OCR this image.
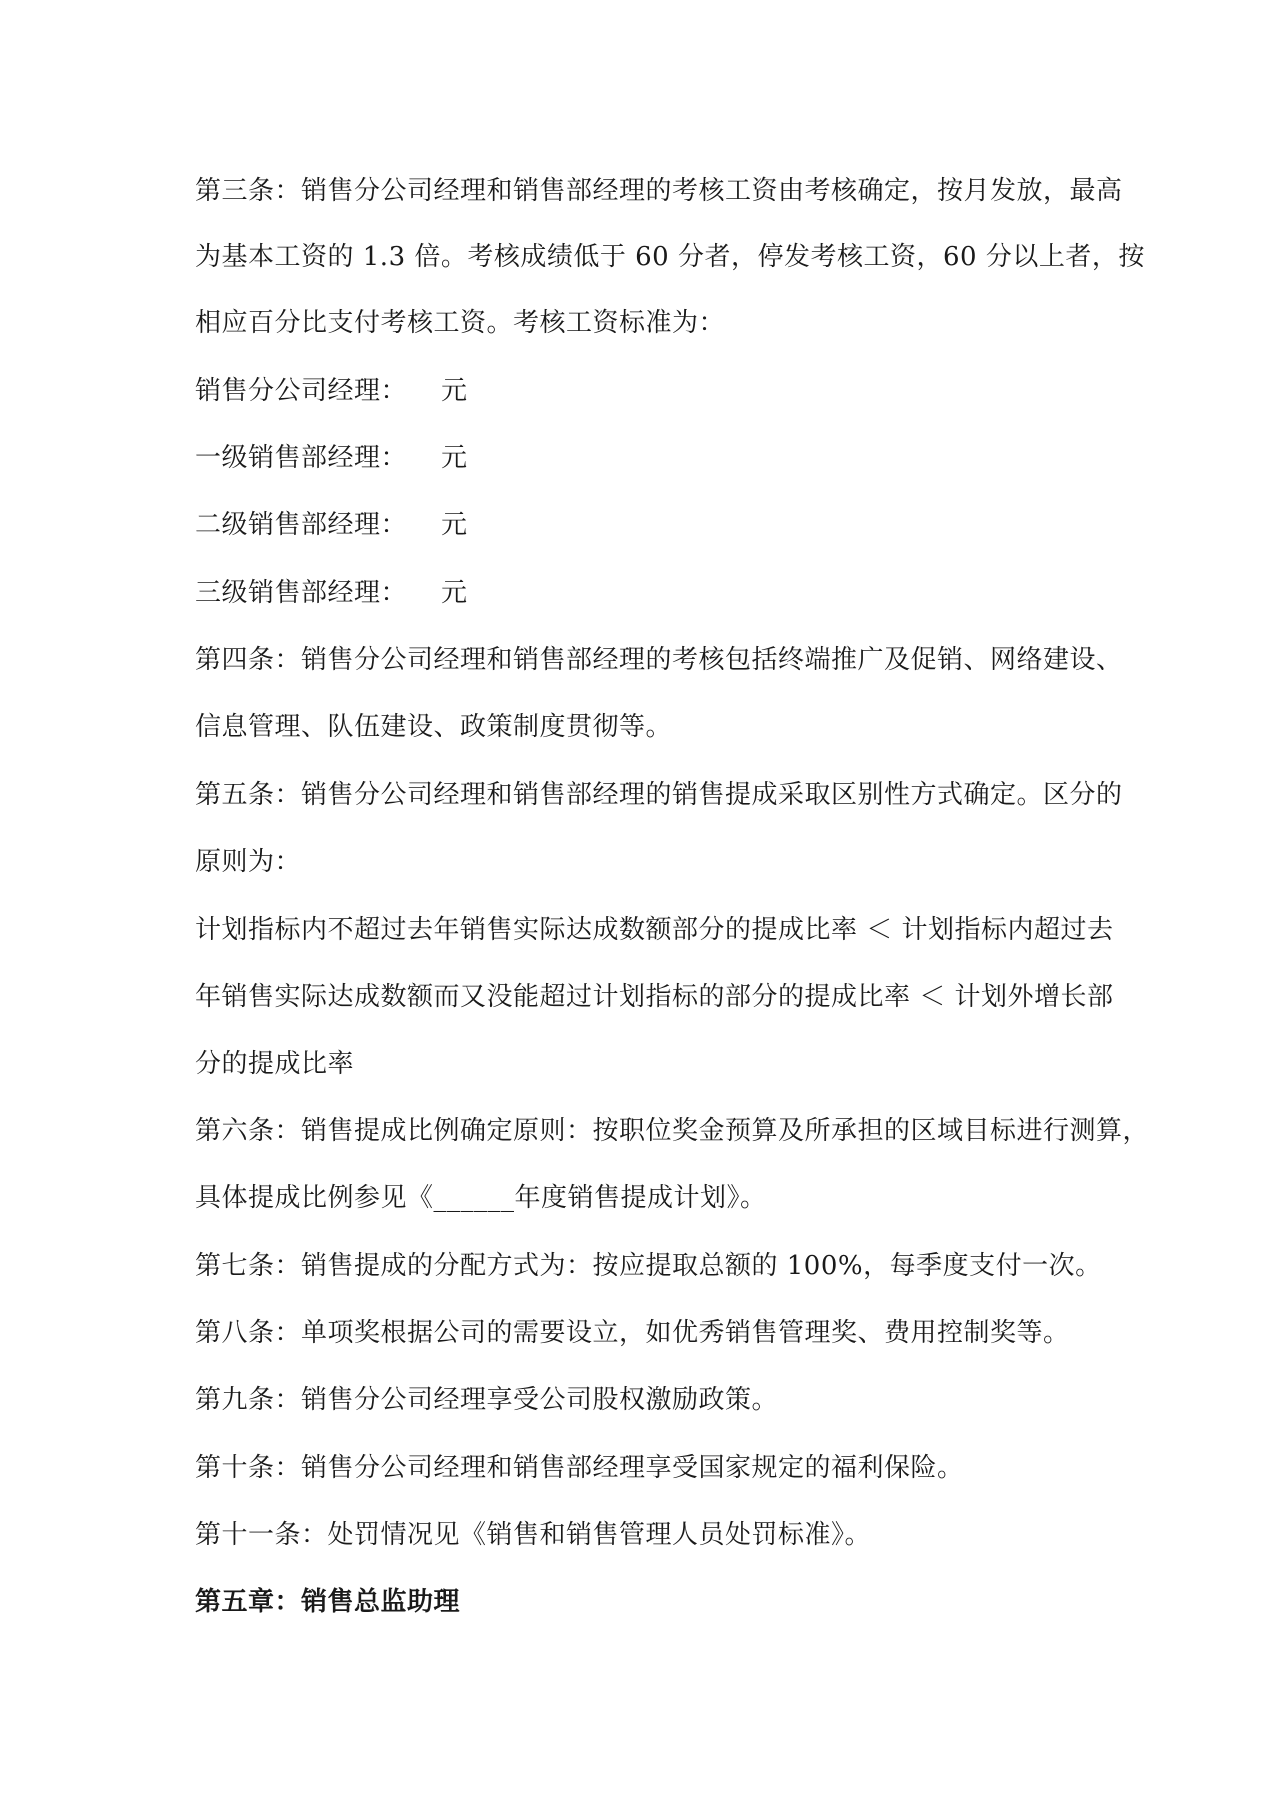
第三条：销售分公司经理和销售部经理的考核工资由考核确定，按月发放，最高
为基本工资的 1.3 倍。考核成绩低于 60 分者，停发考核工资，60 分以上者，按
相应百分比支付考核工资。考核工资标准为：
销售分公司经理： 元
一级销售部经理： 元
二级销售部经理： 元
三级销售部经理： 元
第四条：销售分公司经理和销售部经理的考核包括终端推广及促销、网络建设、
信息管理、队伍建设、政策制度贯彻等。
第五条：销售分公司经理和销售部经理的销售提成采取区别性方式确定。区分的
原则为：
计划指标内不超过去年销售实际达成数额部分的提成比率 ＜ 计划指标内超过去
年销售实际达成数额而又没能超过计划指标的部分的提成比率 ＜ 计划外增长部
分的提成比率
第六条：销售提成比例确定原则：按职位奖金预算及所承担的区域目标进行测算，
具体提成比例参见《______年度销售提成计划》。
第七条：销售提成的分配方式为：按应提取总额的 100%，每季度支付一次。
第八条：单项奖根据公司的需要设立，如优秀销售管理奖、费用控制奖等。
第九条：销售分公司经理享受公司股权激励政策。
第十条：销售分公司经理和销售部经理享受国家规定的福利保险。
第十一条：处罚情况见《销售和销售管理人员处罚标准》。
第五章：销售总监助理
